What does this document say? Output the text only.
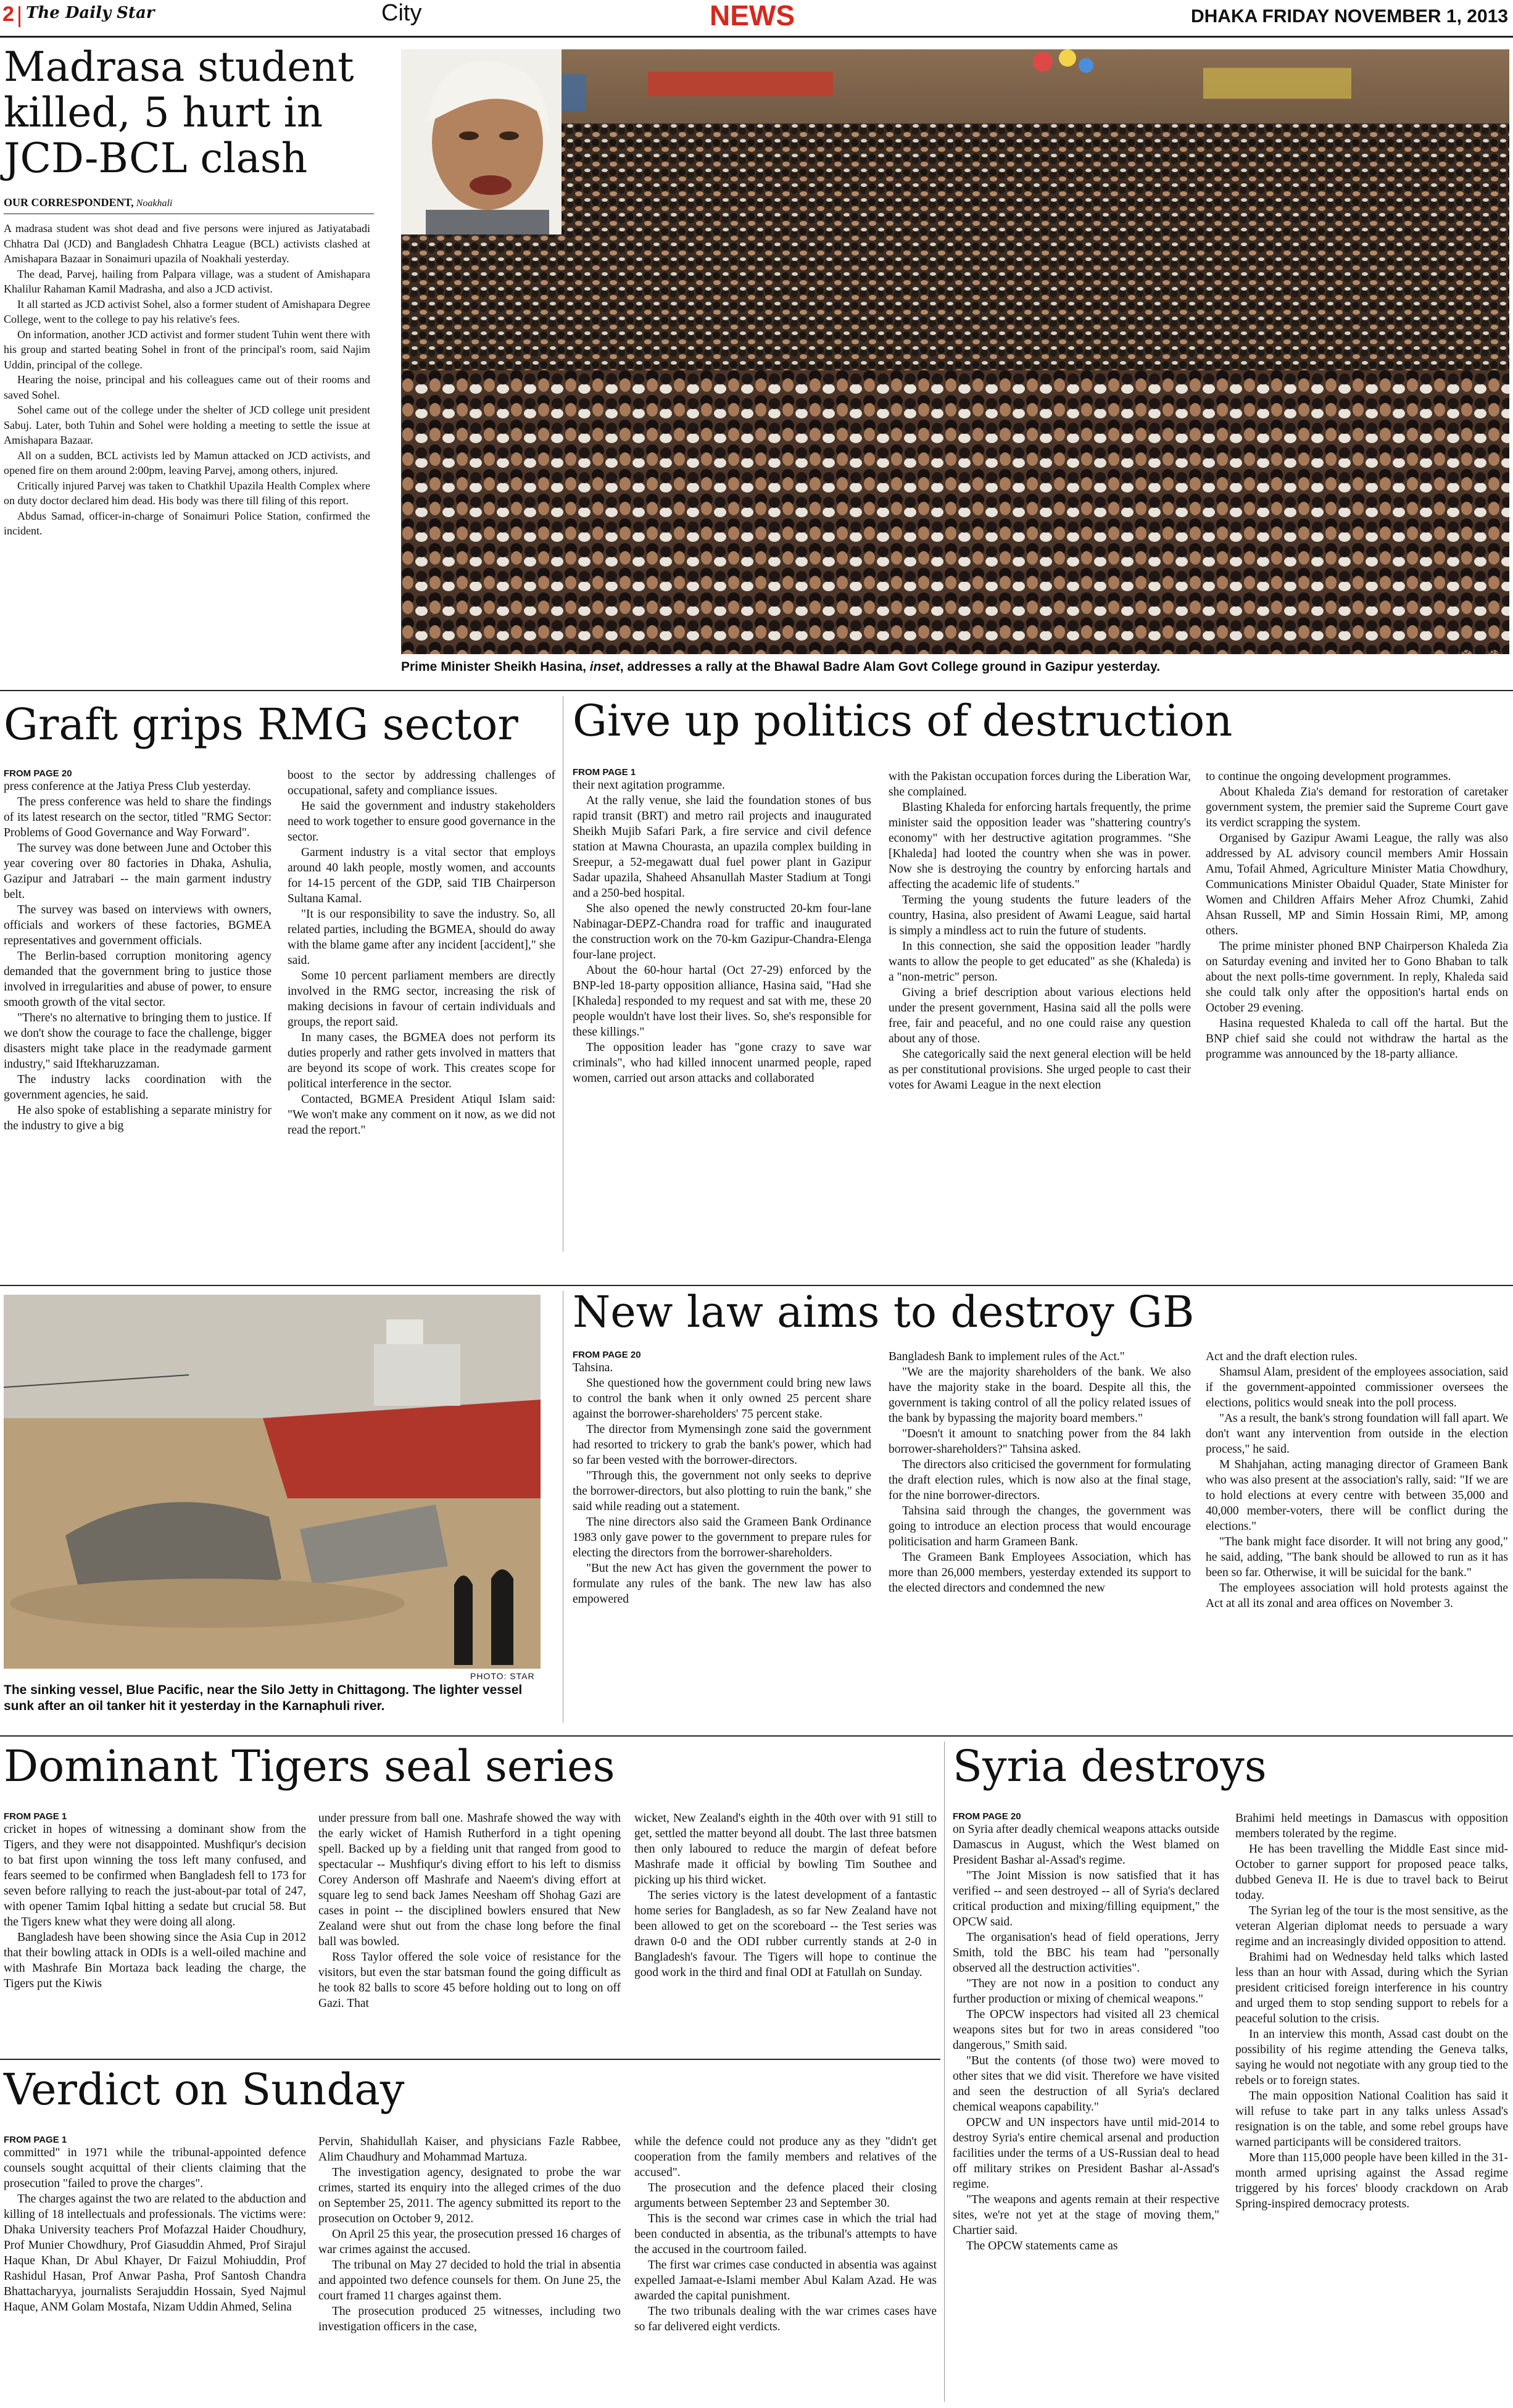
2 The Daily Star	City	NEWS	DHAKA FRIDAY NOVEMBER 1, 2013
Madrasa student killed, 5 hurt in JCD-BCL clash
OUR CORRESPONDENT, Noakhali

A madrasa student was shot dead and five persons were injured as Jatiyatabadi Chhatra Dal (JCD) and Bangladesh Chhatra League (BCL) activists clashed at Amishapara Bazaar in Sonaimuri upazila of Noakhali yesterday.

The dead, Parvej, hailing from Palpara village, was a student of Amishapara Khalilur Rahaman Kamil Madrasha, and also a JCD activist.

It all started as JCD activist Sohel, also a former student of Amishapara Degree College, went to the college to pay his relative's fees.

On information, another JCD activist and former student Tuhin went there with his group and started beating Sohel in front of the principal's room, said Najim Uddin, principal of the college.

Hearing the noise, principal and his colleagues came out of their rooms and saved Sohel.

Sohel came out of the college under the shelter of JCD college unit president Sabuj. Later, both Tuhin and Sohel were holding a meeting to settle the issue at Amishapara Bazaar.

All on a sudden, BCL activists led by Mamun attacked on JCD activists, and opened fire on them around 2:00pm, leaving Parvej, among others, injured.

Critically injured Parvej was taken to Chatkhil Upazila Health Complex where on duty doctor declared him dead. His body was there till filing of this report.

Abdus Samad, officer-in-charge of Sonaimuri Police Station, confirmed the incident.

PHOTO: BSS
Prime Minister Sheikh Hasina, inset, addresses a rally at the Bhawal Badre Alam Govt College ground in Gazipur yesterday.
Graft grips RMG sector
FROM PAGE 20

press conference at the Jatiya Press Club yesterday.

The press conference was held to share the findings of its latest research on the sector, titled "RMG Sector: Problems of Good Governance and Way Forward".

The survey was done between June and October this year covering over 80 factories in Dhaka, Ashulia, Gazipur and Jatrabari -- the main garment industry belt.

The survey was based on interviews with owners, officials and workers of these factories, BGMEA representatives and government officials.

The Berlin-based corruption monitoring agency demanded that the government bring to justice those involved in irregularities and abuse of power, to ensure smooth growth of the vital sector.

"There's no alternative to bringing them to justice. If we don't show the courage to face the challenge, bigger disasters might take place in the readymade garment industry," said Iftekharuzzaman.

The industry lacks coordination with the government agencies, he said.

He also spoke of establishing a separate ministry for the industry to give a big

boost to the sector by addressing challenges of occupational, safety and compliance issues.

He said the government and industry stakeholders need to work together to ensure good governance in the sector.

Garment industry is a vital sector that employs around 40 lakh people, mostly women, and accounts for 14-15 percent of the GDP, said TIB Chairperson Sultana Kamal.

"It is our responsibility to save the industry. So, all related parties, including the BGMEA, should do away with the blame game after any incident [accident]," she said.

Some 10 percent parliament members are directly involved in the RMG sector, increasing the risk of making decisions in favour of certain individuals and groups, the report said.

In many cases, the BGMEA does not perform its duties properly and rather gets involved in matters that are beyond its scope of work. This creates scope for political interference in the sector.

Contacted, BGMEA President Atiqul Islam said: "We won't make any comment on it now, as we did not read the report."

Give up politics of destruction
FROM PAGE 1

their next agitation programme.

At the rally venue, she laid the foundation stones of bus rapid transit (BRT) and metro rail projects and inaugurated Sheikh Mujib Safari Park, a fire service and civil defence station at Mawna Chourasta, an upazila complex building in Sreepur, a 52-megawatt dual fuel power plant in Gazipur Sadar upazila, Shaheed Ahsanullah Master Stadium at Tongi and a 250-bed hospital.

She also opened the newly constructed 20-km four-lane Nabinagar-DEPZ-Chandra road for traffic and inaugurated the construction work on the 70-km Gazipur-Chandra-Elenga four-lane project.

About the 60-hour hartal (Oct 27-29) enforced by the BNP-led 18-party opposition alliance, Hasina said, "Had she [Khaleda] responded to my request and sat with me, these 20 people wouldn't have lost their lives. So, she's responsible for these killings."

The opposition leader has "gone crazy to save war criminals", who had killed innocent unarmed people, raped women, carried out arson attacks and collaborated

with the Pakistan occupation forces during the Liberation War, she complained.

Blasting Khaleda for enforcing hartals frequently, the prime minister said the opposition leader was "shattering country's economy" with her destructive agitation programmes. "She [Khaleda] had looted the country when she was in power. Now she is destroying the country by enforcing hartals and affecting the academic life of students."

Terming the young students the future leaders of the country, Hasina, also president of Awami League, said hartal is simply a mindless act to ruin the future of students.

In this connection, she said the opposition leader "hardly wants to allow the people to get educated" as she (Khaleda) is a "non-metric" person.

Giving a brief description about various elections held under the present government, Hasina said all the polls were free, fair and peaceful, and no one could raise any question about any of those.

She categorically said the next general election will be held as per constitutional provisions. She urged people to cast their votes for Awami League in the next election

to continue the ongoing development programmes.

About Khaleda Zia's demand for restoration of caretaker government system, the premier said the Supreme Court gave its verdict scrapping the system.

Organised by Gazipur Awami League, the rally was also addressed by AL advisory council members Amir Hossain Amu, Tofail Ahmed, Agriculture Minister Matia Chowdhury, Communications Minister Obaidul Quader, State Minister for Women and Children Affairs Meher Afroz Chumki, Zahid Ahsan Russell, MP and Simin Hossain Rimi, MP, among others.

The prime minister phoned BNP Chairperson Khaleda Zia on Saturday evening and invited her to Gono Bhaban to talk about the next polls-time government. In reply, Khaleda said she could talk only after the opposition's hartal ends on October 29 evening.

Hasina requested Khaleda to call off the hartal. But the BNP chief said she could not withdraw the hartal as the programme was announced by the 18-party alliance.

PHOTO: STAR
The sinking vessel, Blue Pacific, near the Silo Jetty in Chittagong. The lighter vessel sunk after an oil tanker hit it yesterday in the Karnaphuli river.
New law aims to destroy GB
FROM PAGE 20

Tahsina.

She questioned how the government could bring new laws to control the bank when it only owned 25 percent share against the borrower-shareholders' 75 percent stake.

The director from Mymensingh zone said the government had resorted to trickery to grab the bank's power, which had so far been vested with the borrower-directors.

"Through this, the government not only seeks to deprive the borrower-directors, but also plotting to ruin the bank," she said while reading out a statement.

The nine directors also said the Grameen Bank Ordinance 1983 only gave power to the government to prepare rules for electing the directors from the borrower-shareholders.

"But the new Act has given the government the power to formulate any rules of the bank. The new law has also empowered

Bangladesh Bank to implement rules of the Act."

"We are the majority shareholders of the bank. We also have the majority stake in the board. Despite all this, the government is taking control of all the policy related issues of the bank by bypassing the majority board members."

"Doesn't it amount to snatching power from the 84 lakh borrower-shareholders?" Tahsina asked.

The directors also criticised the government for formulating the draft election rules, which is now also at the final stage, for the nine borrower-directors.

Tahsina said through the changes, the government was going to introduce an election process that would encourage politicisation and harm Grameen Bank.

The Grameen Bank Employees Association, which has more than 26,000 members, yesterday extended its support to the elected directors and condemned the new

Act and the draft election rules.

Shamsul Alam, president of the employees association, said if the government-appointed commissioner oversees the elections, politics would sneak into the poll process.

"As a result, the bank's strong foundation will fall apart. We don't want any intervention from outside in the election process," he said.

M Shahjahan, acting managing director of Grameen Bank who was also present at the association's rally, said: "If we are to hold elections at every centre with between 35,000 and 40,000 member-voters, there will be conflict during the elections."

"The bank might face disorder. It will not bring any good," he said, adding, "The bank should be allowed to run as it has been so far. Otherwise, it will be suicidal for the bank."

The employees association will hold protests against the Act at all its zonal and area offices on November 3.

Dominant Tigers seal series
FROM PAGE 1

cricket in hopes of witnessing a dominant show from the Tigers, and they were not disappointed. Mushfiqur's decision to bat first upon winning the toss left many confused, and fears seemed to be confirmed when Bangladesh fell to 173 for seven before rallying to reach the just-about-par total of 247, with opener Tamim Iqbal hitting a sedate but crucial 58. But the Tigers knew what they were doing all along.

Bangladesh have been showing since the Asia Cup in 2012 that their bowling attack in ODIs is a well-oiled machine and with Mashrafe Bin Mortaza back leading the charge, the Tigers put the Kiwis

under pressure from ball one. Mashrafe showed the way with the early wicket of Hamish Rutherford in a tight opening spell. Backed up by a fielding unit that ranged from good to spectacular -- Mushfiqur's diving effort to his left to dismiss Corey Anderson off Mashrafe and Naeem's diving effort at square leg to send back James Neesham off Shohag Gazi are cases in point -- the disciplined bowlers ensured that New Zealand were shut out from the chase long before the final ball was bowled.

Ross Taylor offered the sole voice of resistance for the visitors, but even the star batsman found the going difficult as he took 82 balls to score 45 before holding out to long on off Gazi. That

wicket, New Zealand's eighth in the 40th over with 91 still to get, settled the matter beyond all doubt. The last three batsmen then only laboured to reduce the margin of defeat before Mashrafe made it official by bowling Tim Southee and picking up his third wicket.

The series victory is the latest development of a fantastic home series for Bangladesh, as so far New Zealand have not been allowed to get on the scoreboard -- the Test series was drawn 0-0 and the ODI rubber currently stands at 2-0 in Bangladesh's favour. The Tigers will hope to continue the good work in the third and final ODI at Fatullah on Sunday.

Verdict on Sunday
FROM PAGE 1

committed" in 1971 while the tribunal-appointed defence counsels sought acquittal of their clients claiming that the prosecution "failed to prove the charges".

The charges against the two are related to the abduction and killing of 18 intellectuals and professionals. The victims were: Dhaka University teachers Prof Mofazzal Haider Choudhury, Prof Munier Chowdhury, Prof Giasuddin Ahmed, Prof Sirajul Haque Khan, Dr Abul Khayer, Dr Faizul Mohiuddin, Prof Rashidul Hasan, Prof Anwar Pasha, Prof Santosh Chandra Bhattacharyya, journalists Serajuddin Hossain, Syed Najmul Haque, ANM Golam Mostafa, Nizam Uddin Ahmed, Selina

Pervin, Shahidullah Kaiser, and physicians Fazle Rabbee, Alim Chaudhury and Mohammad Martuza.

The investigation agency, designated to probe the war crimes, started its enquiry into the alleged crimes of the duo on September 25, 2011. The agency submitted its report to the prosecution on October 9, 2012.

On April 25 this year, the prosecution pressed 16 charges of war crimes against the accused.

The tribunal on May 27 decided to hold the trial in absentia and appointed two defence counsels for them. On June 25, the court framed 11 charges against them.

The prosecution produced 25 witnesses, including two investigation officers in the case,

while the defence could not produce any as they "didn't get cooperation from the family members and relatives of the accused".

The prosecution and the defence placed their closing arguments between September 23 and September 30.

This is the second war crimes case in which the trial had been conducted in absentia, as the tribunal's attempts to have the accused in the courtroom failed.

The first war crimes case conducted in absentia was against expelled Jamaat-e-Islami member Abul Kalam Azad. He was awarded the capital punishment.

The two tribunals dealing with the war crimes cases have so far delivered eight verdicts.

Syria destroys
FROM PAGE 20

on Syria after deadly chemical weapons attacks outside Damascus in August, which the West blamed on President Bashar al-Assad's regime.

"The Joint Mission is now satisfied that it has verified -- and seen destroyed -- all of Syria's declared critical production and mixing/filling equipment," the OPCW said.

The organisation's head of field operations, Jerry Smith, told the BBC his team had "personally observed all the destruction activities".

"They are not now in a position to conduct any further production or mixing of chemical weapons."

The OPCW inspectors had visited all 23 chemical weapons sites but for two in areas considered "too dangerous," Smith said.

"But the contents (of those two) were moved to other sites that we did visit. Therefore we have visited and seen the destruction of all Syria's declared chemical weapons capability."

OPCW and UN inspectors have until mid-2014 to destroy Syria's entire chemical arsenal and production facilities under the terms of a US-Russian deal to head off military strikes on President Bashar al-Assad's regime.

"The weapons and agents remain at their respective sites, we're not yet at the stage of moving them," Chartier said.

The OPCW statements came as

Brahimi held meetings in Damascus with opposition members tolerated by the regime.

He has been travelling the Middle East since mid-October to garner support for proposed peace talks, dubbed Geneva II. He is due to travel back to Beirut today.

The Syrian leg of the tour is the most sensitive, as the veteran Algerian diplomat needs to persuade a wary regime and an increasingly divided opposition to attend.

Brahimi had on Wednesday held talks which lasted less than an hour with Assad, during which the Syrian president criticised foreign interference in his country and urged them to stop sending support to rebels for a peaceful solution to the crisis.

In an interview this month, Assad cast doubt on the possibility of his regime attending the Geneva talks, saying he would not negotiate with any group tied to the rebels or to foreign states.

The main opposition National Coalition has said it will refuse to take part in any talks unless Assad's resignation is on the table, and some rebel groups have warned participants will be considered traitors.

More than 115,000 people have been killed in the 31-month armed uprising against the Assad regime triggered by his forces' bloody crackdown on Arab Spring-inspired democracy protests.
